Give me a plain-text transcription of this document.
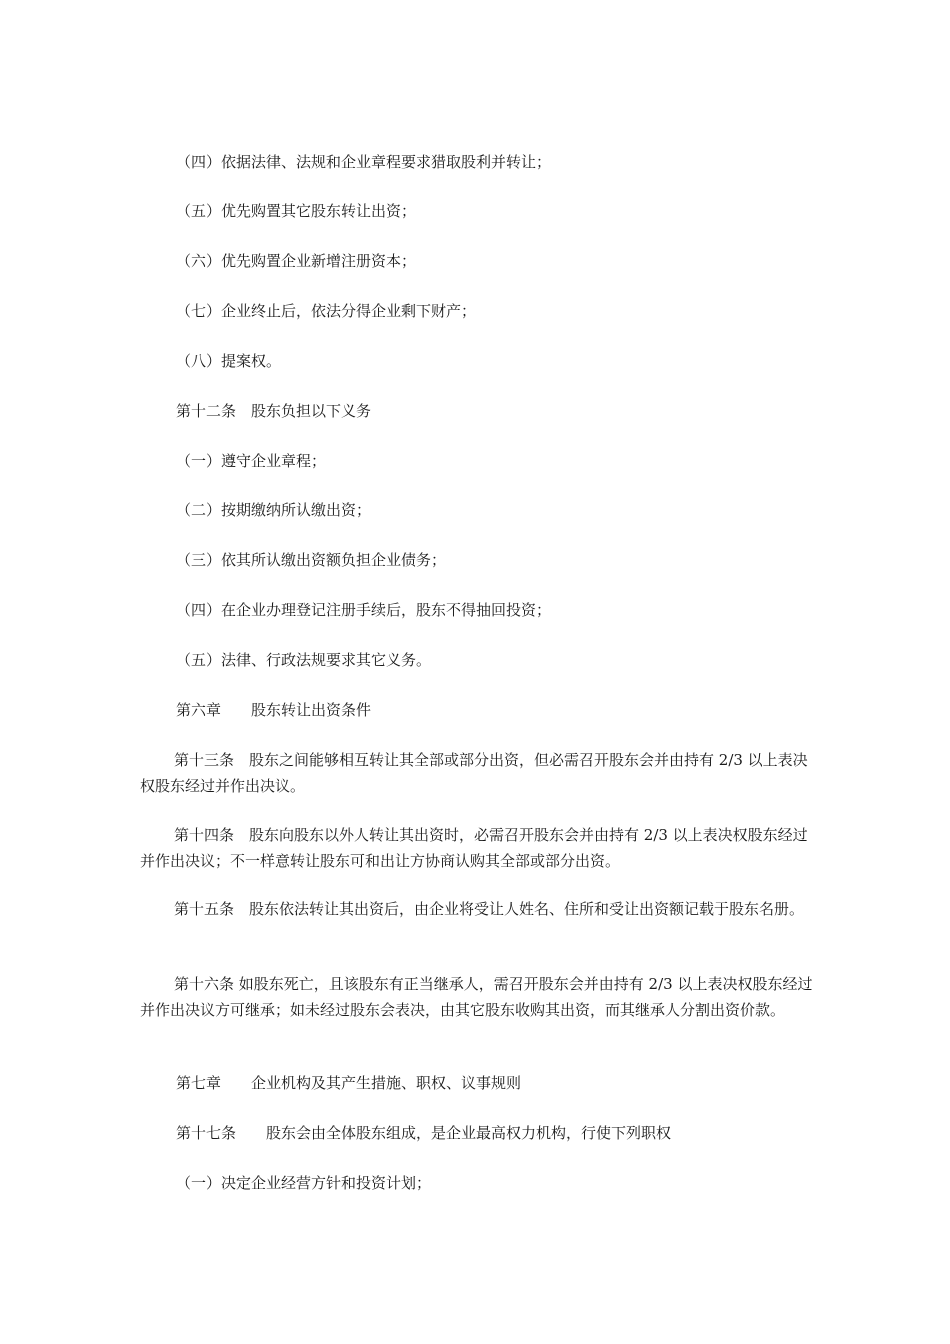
（四）依据法律、法规和企业章程要求猎取股利并转让；
（五）优先购置其它股东转让出资；
（六）优先购置企业新增注册资本；
（七）企业终止后，依法分得企业剩下财产；
（八）提案权。
第十二条　股东负担以下义务
（一）遵守企业章程；
（二）按期缴纳所认缴出资；
（三）依其所认缴出资额负担企业债务；
（四）在企业办理登记注册手续后，股东不得抽回投资；
（五）法律、行政法规要求其它义务。
第六章　　股东转让出资条件
第十三条　股东之间能够相互转让其全部或部分出资，但必需召开股东会并由持有 2/3 以上表决权股东经过并作出决议。
第十四条　股东向股东以外人转让其出资时，必需召开股东会并由持有 2/3 以上表决权股东经过并作出决议；不一样意转让股东可和出让方协商认购其全部或部分出资。
第十五条　股东依法转让其出资后，由企业将受让人姓名、住所和受让出资额记载于股东名册。
第十六条 如股东死亡，且该股东有正当继承人，需召开股东会并由持有 2/3 以上表决权股东经过并作出决议方可继承；如未经过股东会表决，由其它股东收购其出资，而其继承人分割出资价款。
第七章　　企业机构及其产生措施、职权、议事规则
第十七条　　股东会由全体股东组成，是企业最高权力机构，行使下列职权
（一）决定企业经营方针和投资计划；
